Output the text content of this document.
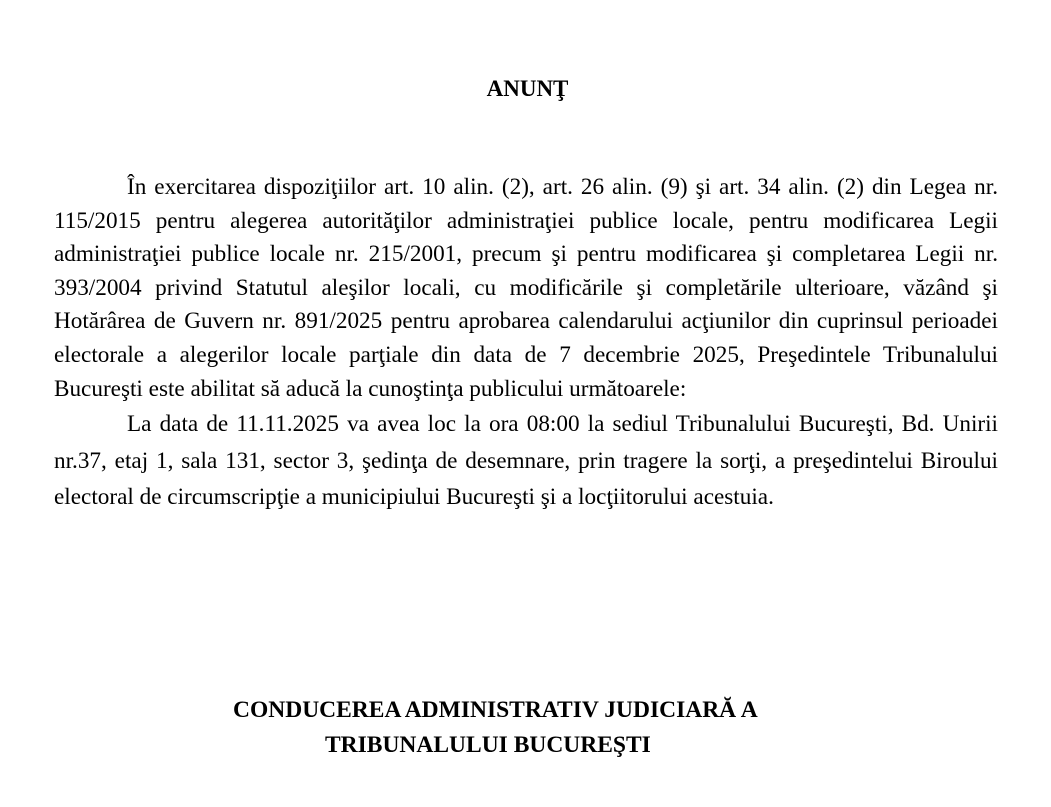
ANUNŢ

În exercitarea dispoziţiilor art. 10 alin. (2), art. 26 alin. (9) şi art. 34 alin. (2) din Legea nr. 115/2015 pentru alegerea autorităţilor administraţiei publice locale, pentru modificarea Legii administraţiei publice locale nr. 215/2001, precum şi pentru modificarea şi completarea Legii nr. 393/2004 privind Statutul aleşilor locali, cu modificările şi completările ulterioare, văzând şi Hotărârea de Guvern nr. 891/2025 pentru aprobarea calendarului acţiunilor din cuprinsul perioadei electorale a alegerilor locale parţiale din data de 7 decembrie 2025, Preşedintele Tribunalului Bucureşti este abilitat să aducă la cunoştinţa publicului următoarele:

La data de 11.11.2025 va avea loc la ora 08:00 la sediul Tribunalului Bucureşti, Bd. Unirii nr.37, etaj 1, sala 131, sector 3, şedinţa de desemnare, prin tragere la sorţi, a preşedintelui Biroului electoral de circumscripţie a municipiului Bucureşti şi a locţiitorului acestuia.

CONDUCEREA ADMINISTRATIV JUDICIARĂ A
TRIBUNALULUI BUCUREŞTI
